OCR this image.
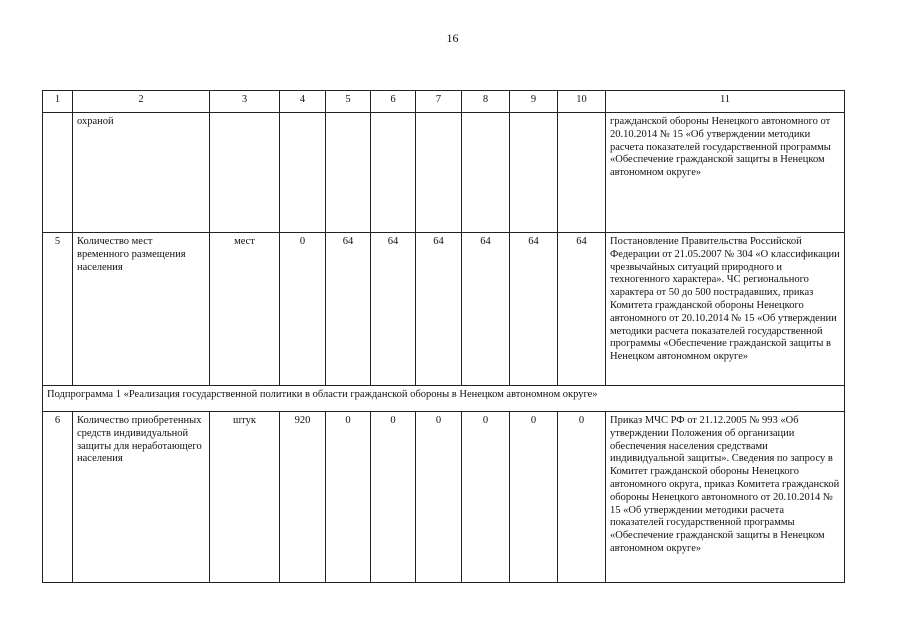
16
1	2	3	4	5	6	7	8	9	10	11
	охраной									гражданской обороны Ненецкого автономного от 20.10.2014 № 15 «Об утверждении методики расчета показателей государственной программы «Обеспечение гражданской защиты в Ненецком автономном округе»
5	Количество мест временного размещения населения	мест	0	64	64	64	64	64	64	Постановление Правительства Российской Федерации от 21.05.2007 № 304 «О классификации чрезвычайных ситуаций природного и техногенного характера». ЧС регионального характера от 50 до 500 пострадавших, приказ Комитета гражданской обороны Ненецкого автономного от 20.10.2014 № 15 «Об утверждении методики расчета показателей государственной программы «Обеспечение гражданской защиты в Ненецком автономном округе»
Подпрограмма 1 «Реализация государственной политики в области гражданской обороны в Ненецком автономном округе»										
6	Количество приобретенных средств индивидуальной защиты для неработающего населения	штук	920	0	0	0	0	0	0	Приказ МЧС РФ от 21.12.2005 № 993 «Об утверждении Положения об организации обеспечения населения средствами индивидуальной защиты». Сведения по запросу в Комитет гражданской обороны Ненецкого автономного округа, приказ Комитета гражданской обороны Ненецкого автономного от 20.10.2014 № 15 «Об утверждении методики расчета показателей государственной программы «Обеспечение гражданской защиты в Ненецком автономном округе»
